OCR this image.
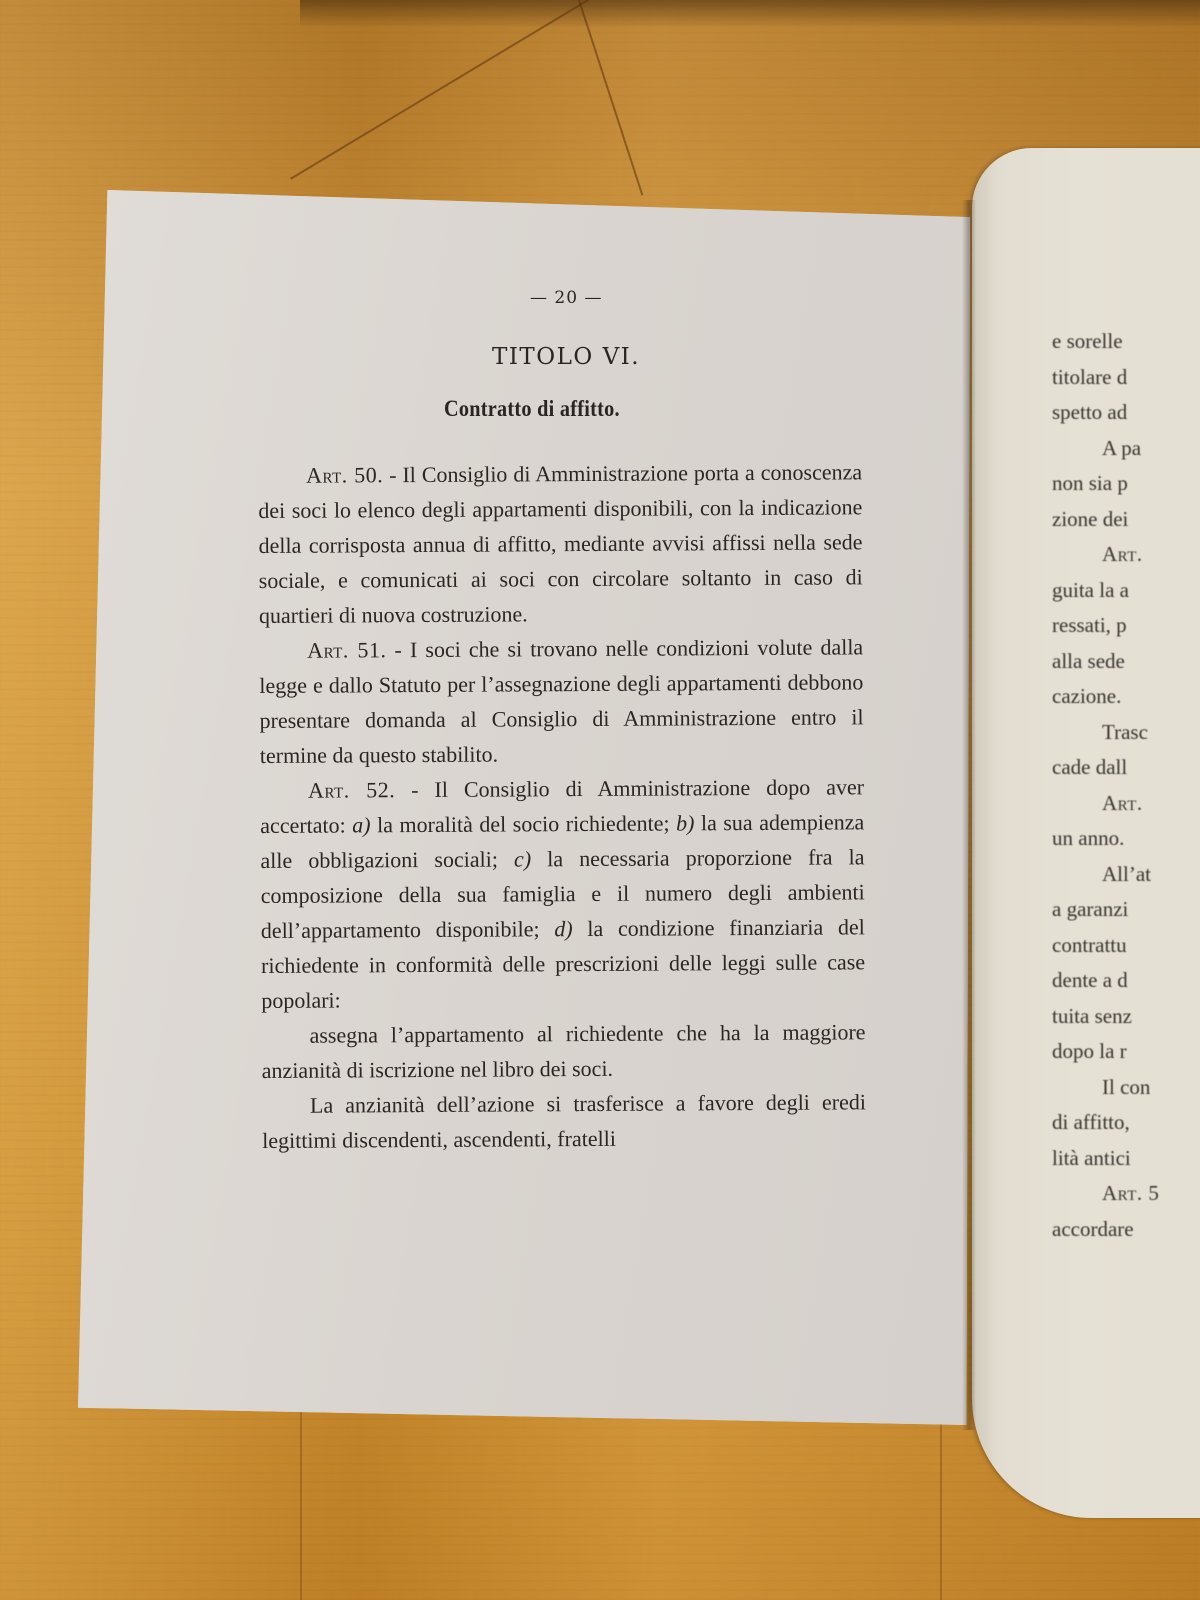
— 20 —
TITOLO VI.
Contratto di affitto.

Art. 50. - Il Consiglio di Amministrazione porta a conoscenza dei soci lo elenco degli appartamenti disponibili, con la indicazione della corrisposta annua di affitto, mediante avvisi affissi nella sede sociale, e comunicati ai soci con circolare soltanto in caso di quartieri di nuova costruzione.

Art. 51. - I soci che si trovano nelle condizioni volute dalla legge e dallo Statuto per l’assegnazione degli appartamenti debbono presentare domanda al Consiglio di Amministrazione entro il termine da questo stabilito.

Art. 52. - Il Consiglio di Amministrazione dopo aver accertato: a) la moralità del socio richiedente; b) la sua adempienza alle obbligazioni sociali; c) la necessaria proporzione fra la composizione della sua famiglia e il numero degli ambienti dell’appartamento disponibile; d) la condizione finanziaria del richiedente in conformità delle prescrizioni delle leggi sulle case popolari:

assegna l’appartamento al richiedente che ha la maggiore anzianità di iscrizione nel libro dei soci.

La anzianità dell’azione si trasferisce a favore degli eredi legittimi discendenti, ascendenti, fratelli

e sorelle
titolare d
spetto ad
A pa
non sia p
zione dei
Art.
guita la a
ressati, p
alla sede
cazione.
Trasc
cade dall
Art.
un anno.
All’at
a garanzi
contrattu
dente a d
tuita senz
dopo la r
Il con
di affitto,
lità antici
Art. 5
accordare
